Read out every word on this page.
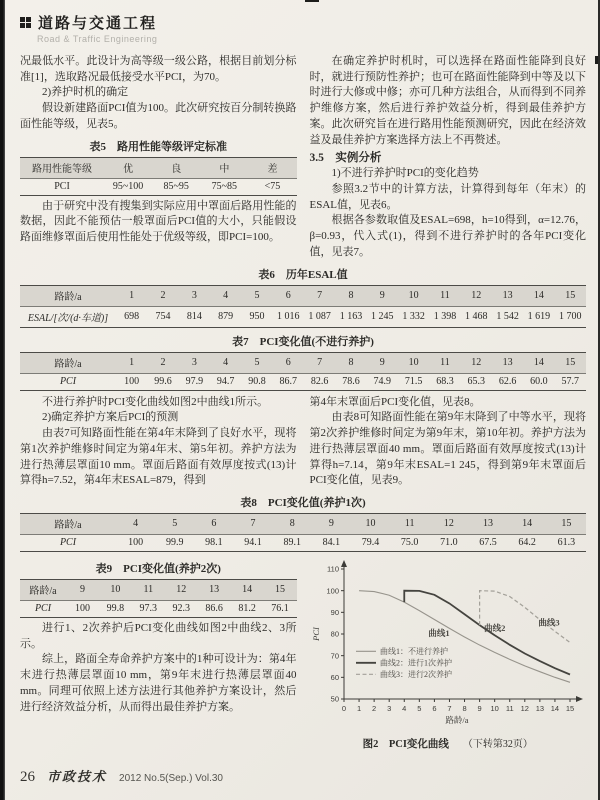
道路与交通工程
Road & Traffic Engineering

况最低水平。此设计为高等级一级公路，根据目前划分标准[1]，选取路况最低接受水平PCI，为70。

2)养护时机的确定

假设新建路面PCI值为100。此次研究按百分制转换路面性能等级，见表5。

表5　路用性能等级评定标准
路用性能等级	优	良	中	差
PCI	95~100	85~95	75~85	<75

由于研究中没有搜集到实际应用中罩面后路用性能的数据，因此不能预估一般罩面后PCI值的大小，只能假设路面维修罩面后使用性能处于优级等级，即PCI=100。

在确定养护时机时，可以选择在路面性能降到良好时，就进行预防性养护；也可在路面性能降到中等及以下时进行大修或中修；亦可几种方法组合，从而得到不同养护维修方案，然后进行养护效益分析，得到最佳养护方案。此次研究旨在进行路用性能预测研究，因此在经济效益及最佳养护方案选择方法上不再赘述。

3.5　实例分析

1)不进行养护时PCI的变化趋势

参照3.2节中的计算方法，计算得到每年（年末）的ESAL值，见表6。

根据各参数取值及ESAL=698，h=10得到，α=12.76，β=0.93，代入式(1)，得到不进行养护时的各年PCI变化值，见表7。

表6　历年ESAL值
路龄/a	1	2	3	4	5	6	7	8	9	10	11	12	13	14	15
ESAL/[次/(d·车道)]	698	754	814	879	950	1 016	1 087	1 163	1 245	1 332	1 398	1 468	1 542	1 619	1 700
表7　PCI变化值(不进行养护)
路龄/a	1	2	3	4	5	6	7	8	9	10	11	12	13	14	15
PCI	100	99.6	97.9	94.7	90.8	86.7	82.6	78.6	74.9	71.5	68.3	65.3	62.6	60.0	57.7

不进行养护时PCI变化曲线如图2中曲线1所示。

2)确定养护方案后PCI的预测

由表7可知路面性能在第4年末降到了良好水平，现将第1次养护维修时间定为第4年末、第5年初。养护方法为进行热薄层罩面10 mm。罩面后路面有效厚度按式(13)计算得h=7.52，第4年末ESAL=879，得到

第4年末罩面后PCI变化值，见表8。

由表8可知路面性能在第9年末降到了中等水平，现将第2次养护维修时间定为第9年末，第10年初。养护方法为进行热薄层罩面40 mm。罩面后路面有效厚度按式(13)计算得h=7.14，第9年末ESAL=1 245，得到第9年末罩面后PCI变化值，见表9。

表8　PCI变化值(养护1次)
路龄/a	4	5	6	7	8	9	10	11	12	13	14	15
PCI	100	99.9	98.1	94.1	89.1	84.1	79.4	75.0	71.0	67.5	64.2	61.3
表9　PCI变化值(养护2次)
路龄/a	9	10	11	12	13	14	15
PCI	100	99.8	97.3	92.3	86.6	81.2	76.1

进行1、2次养护后PCI变化曲线如图2中曲线2、3所示。

综上，路面全寿命养护方案中的1种可设计为：第4年末进行热薄层罩面10 mm，第9年末进行热薄层罩面40 mm。同理可依照上述方法进行其他养护方案设计，然后进行经济效益分析，从而得出最佳养护方案。

50
60
70
80
90
100
110
0 1 2 3 4 5 6 7 8 9 10 11 12 13 14 15
PCI
路龄/a
曲线1
曲线2
曲线3
曲线1：不进行养护
曲线2：进行1次养护
曲线3：进行2次养护
图2　PCI变化曲线 （下转第32页）
26 市政技术 2012 No.5(Sep.) Vol.30
